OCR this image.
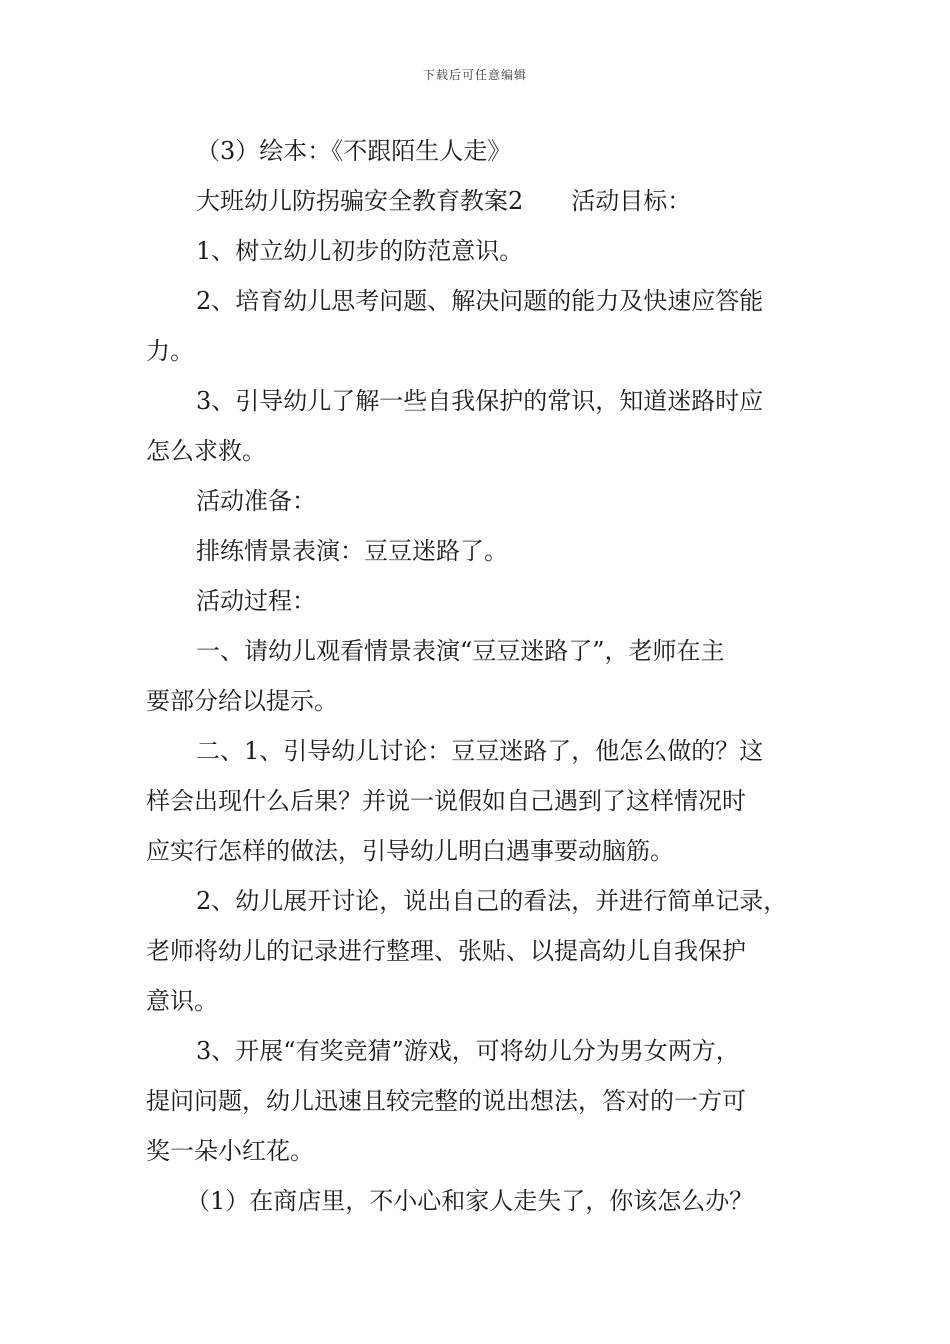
下载后可任意编辑

（3）绘本：《不跟陌生人走》

大班幼儿防拐骗安全教育教案2 活动目标：

1、树立幼儿初步的防范意识。

2、培育幼儿思考问题、解决问题的能力及快速应答能

力。

3、引导幼儿了解一些自我保护的常识，知道迷路时应

怎么求救。

活动准备：

排练情景表演：豆豆迷路了。

活动过程：

一、请幼儿观看情景表演“豆豆迷路了”，老师在主

要部分给以提示。

二、1、引导幼儿讨论：豆豆迷路了，他怎么做的？这

样会出现什么后果？并说一说假如自己遇到了这样情况时

应实行怎样的做法，引导幼儿明白遇事要动脑筋。

2、幼儿展开讨论，说出自己的看法，并进行简单记录，

老师将幼儿的记录进行整理、张贴、以提高幼儿自我保护

意识。

3、开展“有奖竞猜”游戏，可将幼儿分为男女两方，

提问问题，幼儿迅速且较完整的说出想法，答对的一方可

奖一朵小红花。

（1）在商店里，不小心和家人走失了，你该怎么办？
